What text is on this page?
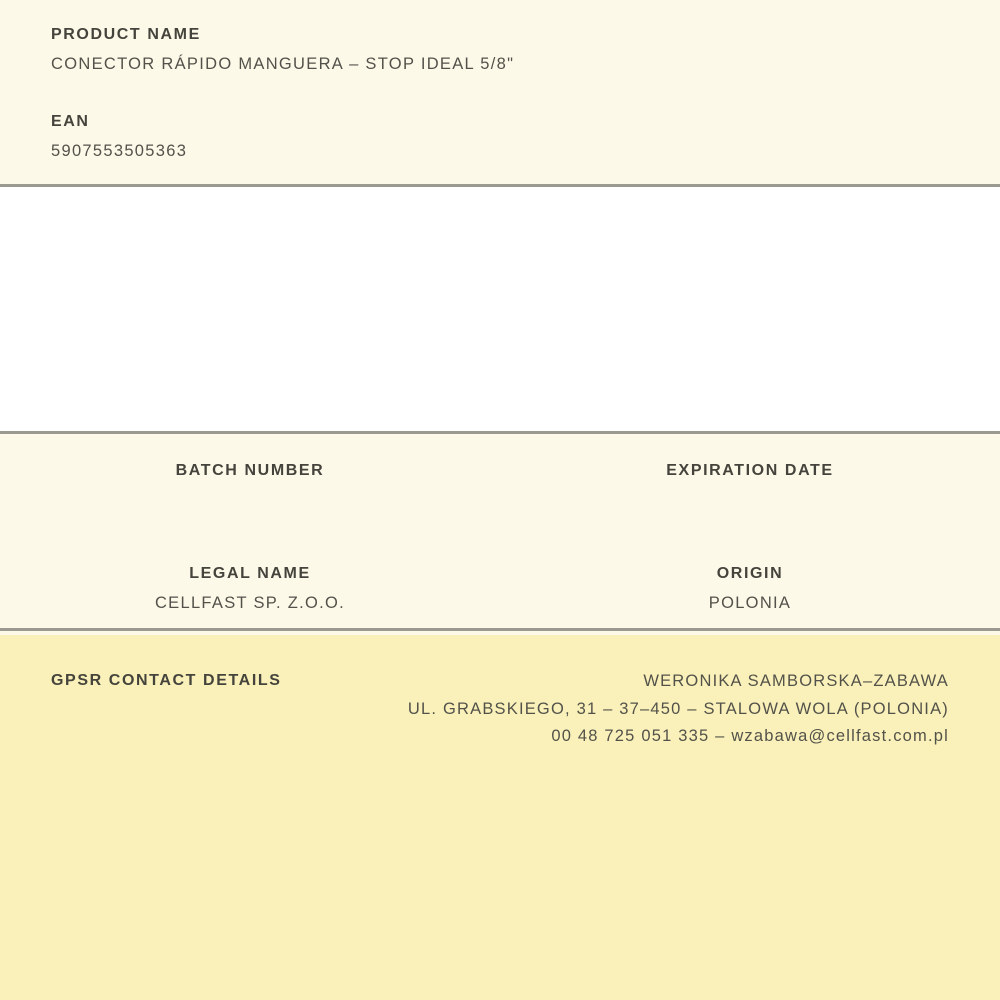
PRODUCT NAME
CONECTOR RÁPIDO MANGUERA – STOP IDEAL 5/8"
EAN
5907553505363
BATCH NUMBER	EXPIRATION DATE
LEGAL NAME
CELLFAST SP. Z.O.O.
ORIGIN
POLONIA
GPSR CONTACT DETAILS	WERONIKA SAMBORSKA–ZABAWA
UL. GRABSKIEGO, 31 – 37–450 – STALOWA WOLA (POLONIA)
00 48 725 051 335 – wzabawa@cellfast.com.pl
